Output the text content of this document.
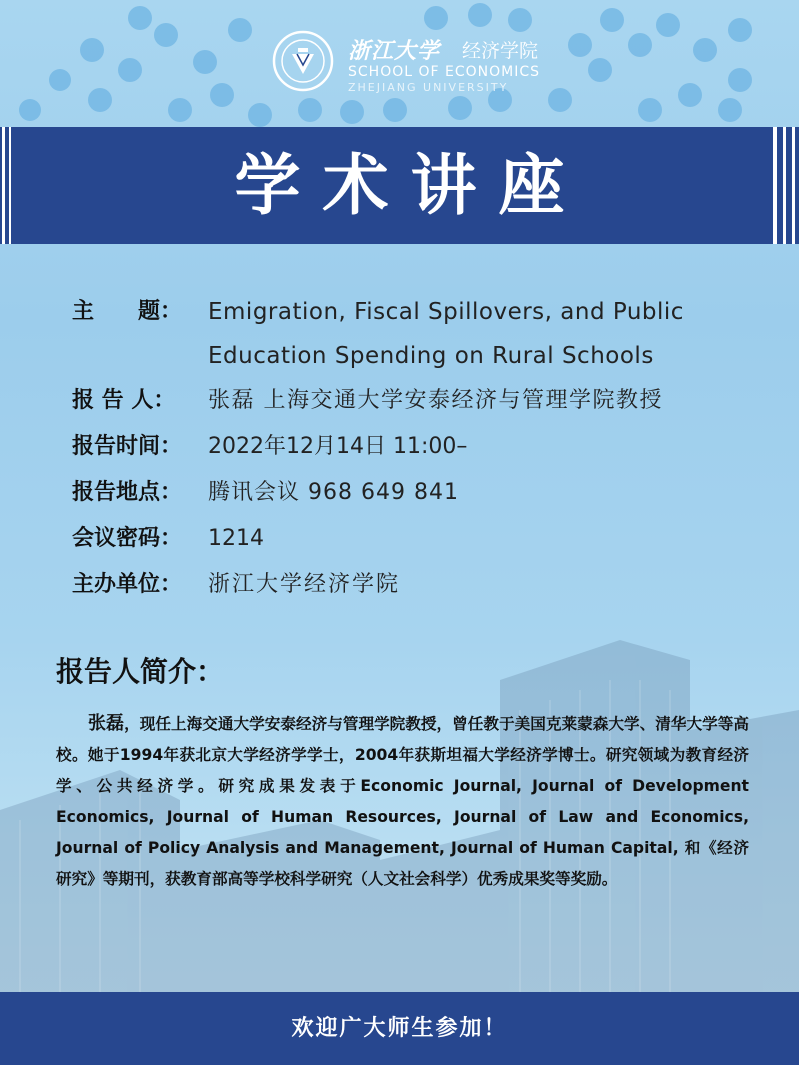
浙江大学 经济学院
SCHOOL OF ECONOMICS
ZHEJIANG UNIVERSITY
学术讲座
主　　题：	Emigration, Fiscal Spillovers, and Public
Education Spending on Rural Schools
报 告 人：	张磊 上海交通大学安泰经济与管理学院教授
报告时间：	2022年12月14日 11:00–
报告地点：	腾讯会议 968 649 841
会议密码：	1214
主办单位：	浙江大学经济学院
报告人简介：
张磊，现任上海交通大学安泰经济与管理学院教授，曾任教于美国克莱蒙森大学、清华大学等高校。她于1994年获北京大学经济学学士，2004年获斯坦福大学经济学博士。研究领域为教育经济学、公共经济学。研究成果发表于Economic Journal, Journal of Development Economics, Journal of Human Resources, Journal of Law and Economics, Journal of Policy Analysis and Management, Journal of Human Capital, 和《经济研究》等期刊，获教育部高等学校科学研究（人文社会科学）优秀成果奖等奖励。
欢迎广大师生参加！
